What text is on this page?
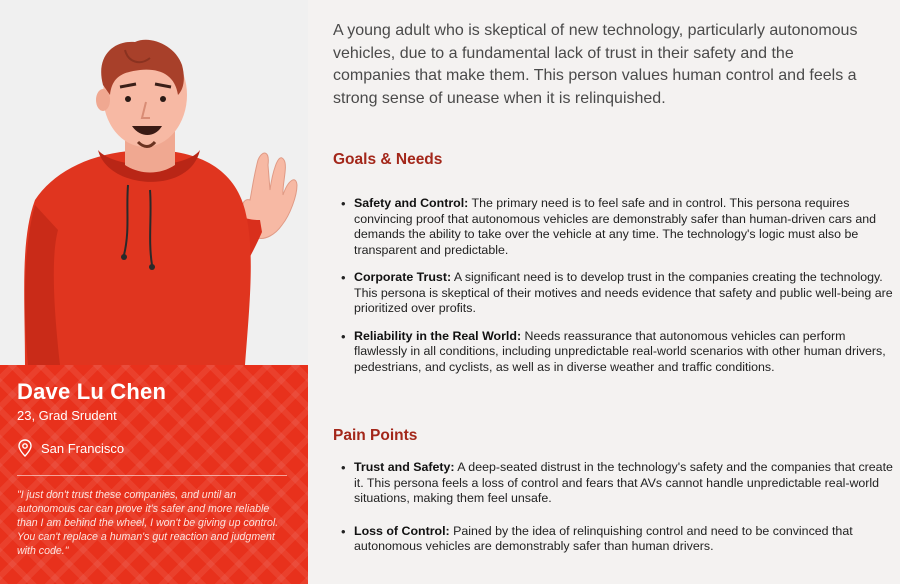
Dave Lu Chen
23, Grad Srudent
San Francisco
"I just don't trust these companies, and until an autonomous car can prove it's safer and more reliable than I am behind the wheel, I won't be giving up control. You can't replace a human's gut reaction and judgment with code."

A young adult who is skeptical of new technology, particularly autonomous vehicles, due to a fundamental lack of trust in their safety and the companies that make them. This person values human control and feels a strong sense of unease when it is relinquished.

Goals & Needs
• Safety and Control: The primary need is to feel safe and in control. This persona requires convincing proof that autonomous vehicles are demonstrably safer than human-driven cars and demands the ability to take over the vehicle at any time. The technology's logic must also be transparent and predictable.
• Corporate Trust: A significant need is to develop trust in the companies creating the technology. This persona is skeptical of their motives and needs evidence that safety and public well-being are prioritized over profits.
• Reliability in the Real World: Needs reassurance that autonomous vehicles can perform flawlessly in all conditions, including unpredictable real-world scenarios with other human drivers, pedestrians, and cyclists, as well as in diverse weather and traffic conditions.
Pain Points
• Trust and Safety: A deep-seated distrust in the technology's safety and the companies that create it. This persona feels a loss of control and fears that AVs cannot handle unpredictable real-world situations, making them feel unsafe.
• Loss of Control: Pained by the idea of relinquishing control and need to be convinced that autonomous vehicles are demonstrably safer than human drivers.
